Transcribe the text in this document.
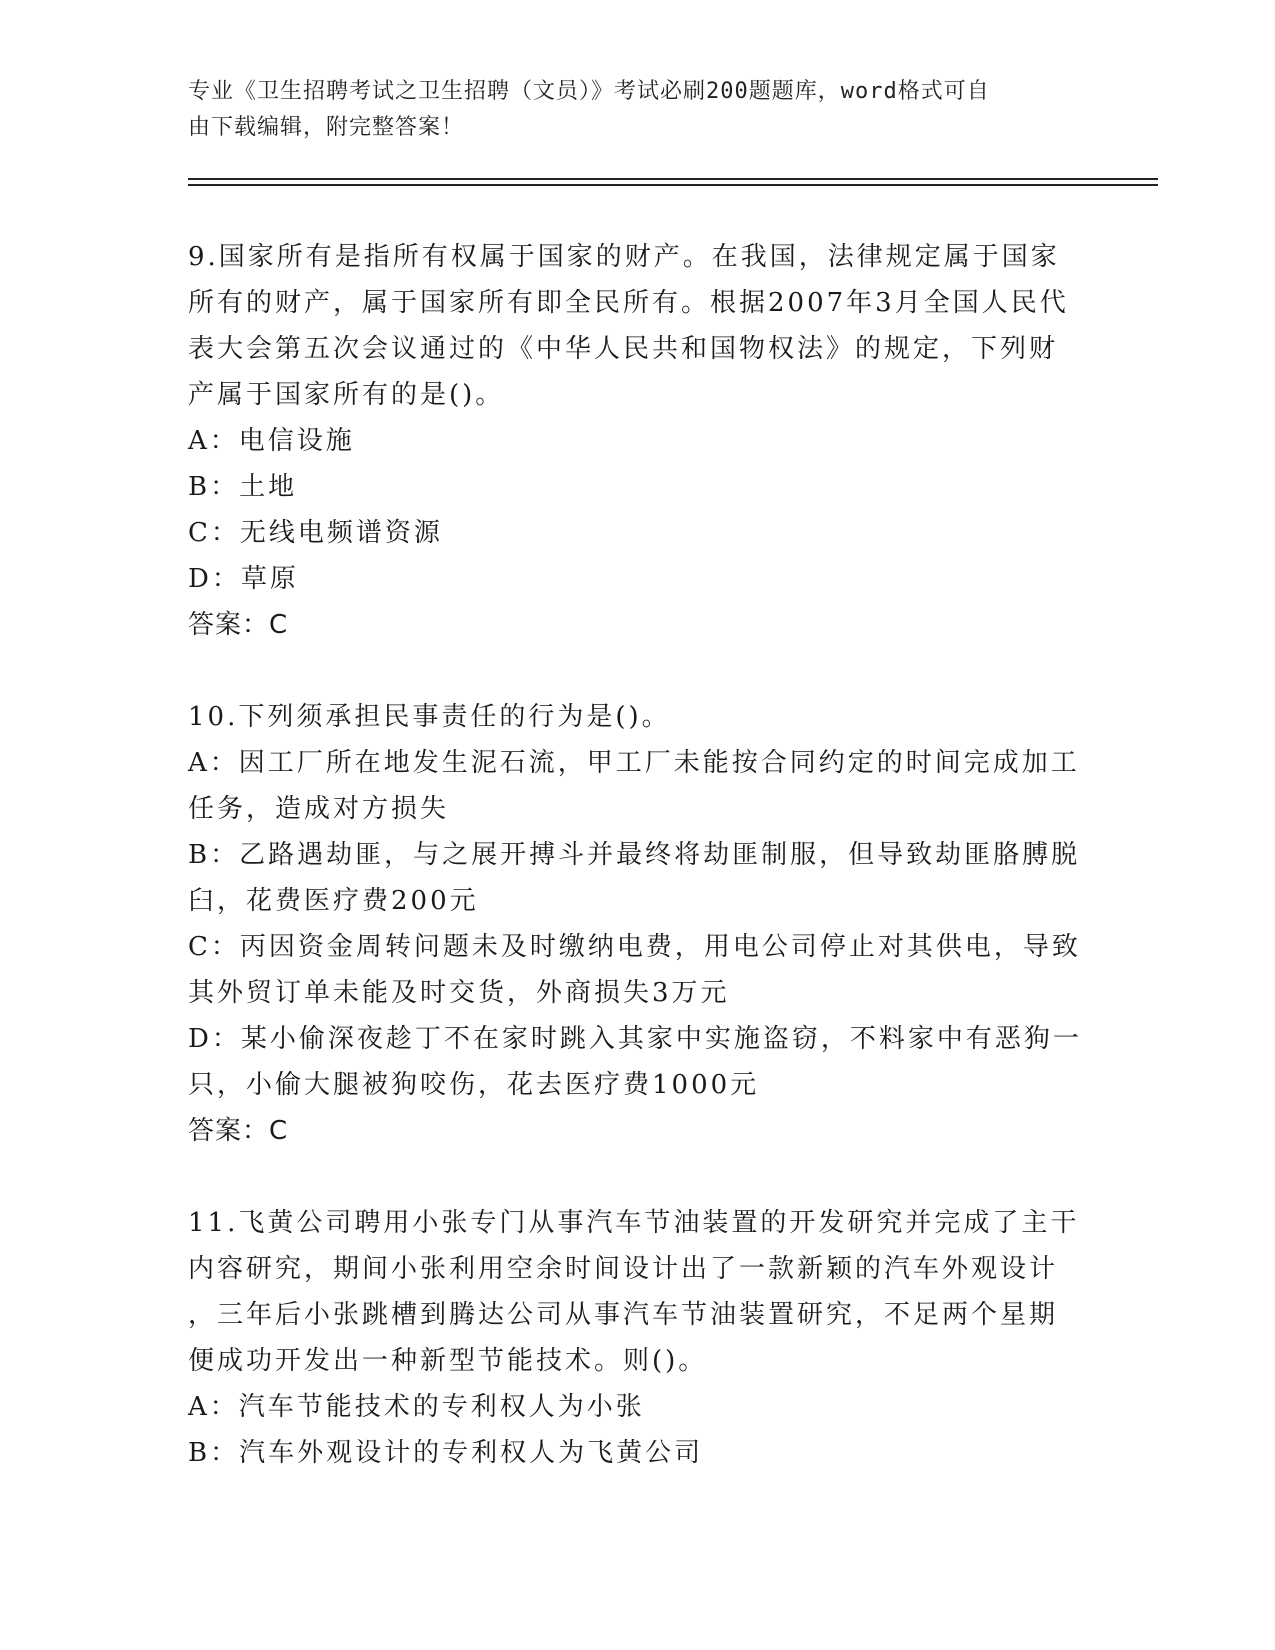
专业《卫生招聘考试之卫生招聘（文员）》考试必刷200题题库，word格式可自
由下载编辑，附完整答案！
9.国家所有是指所有权属于国家的财产。在我国，法律规定属于国家
所有的财产，属于国家所有即全民所有。根据2007年3月全国人民代
表大会第五次会议通过的《中华人民共和国物权法》的规定，下列财
产属于国家所有的是()。
A：电信设施
B：土地
C：无线电频谱资源
D：草原
答案：C
10.下列须承担民事责任的行为是()。
A：因工厂所在地发生泥石流，甲工厂未能按合同约定的时间完成加工
任务，造成对方损失
B：乙路遇劫匪，与之展开搏斗并最终将劫匪制服，但导致劫匪胳膊脱
臼，花费医疗费200元
C：丙因资金周转问题未及时缴纳电费，用电公司停止对其供电，导致
其外贸订单未能及时交货，外商损失3万元
D：某小偷深夜趁丁不在家时跳入其家中实施盗窃，不料家中有恶狗一
只，小偷大腿被狗咬伤，花去医疗费1000元
答案：C
11.飞黄公司聘用小张专门从事汽车节油装置的开发研究并完成了主干
内容研究，期间小张利用空余时间设计出了一款新颖的汽车外观设计
，三年后小张跳槽到腾达公司从事汽车节油装置研究，不足两个星期
便成功开发出一种新型节能技术。则()。
A：汽车节能技术的专利权人为小张
B：汽车外观设计的专利权人为飞黄公司
